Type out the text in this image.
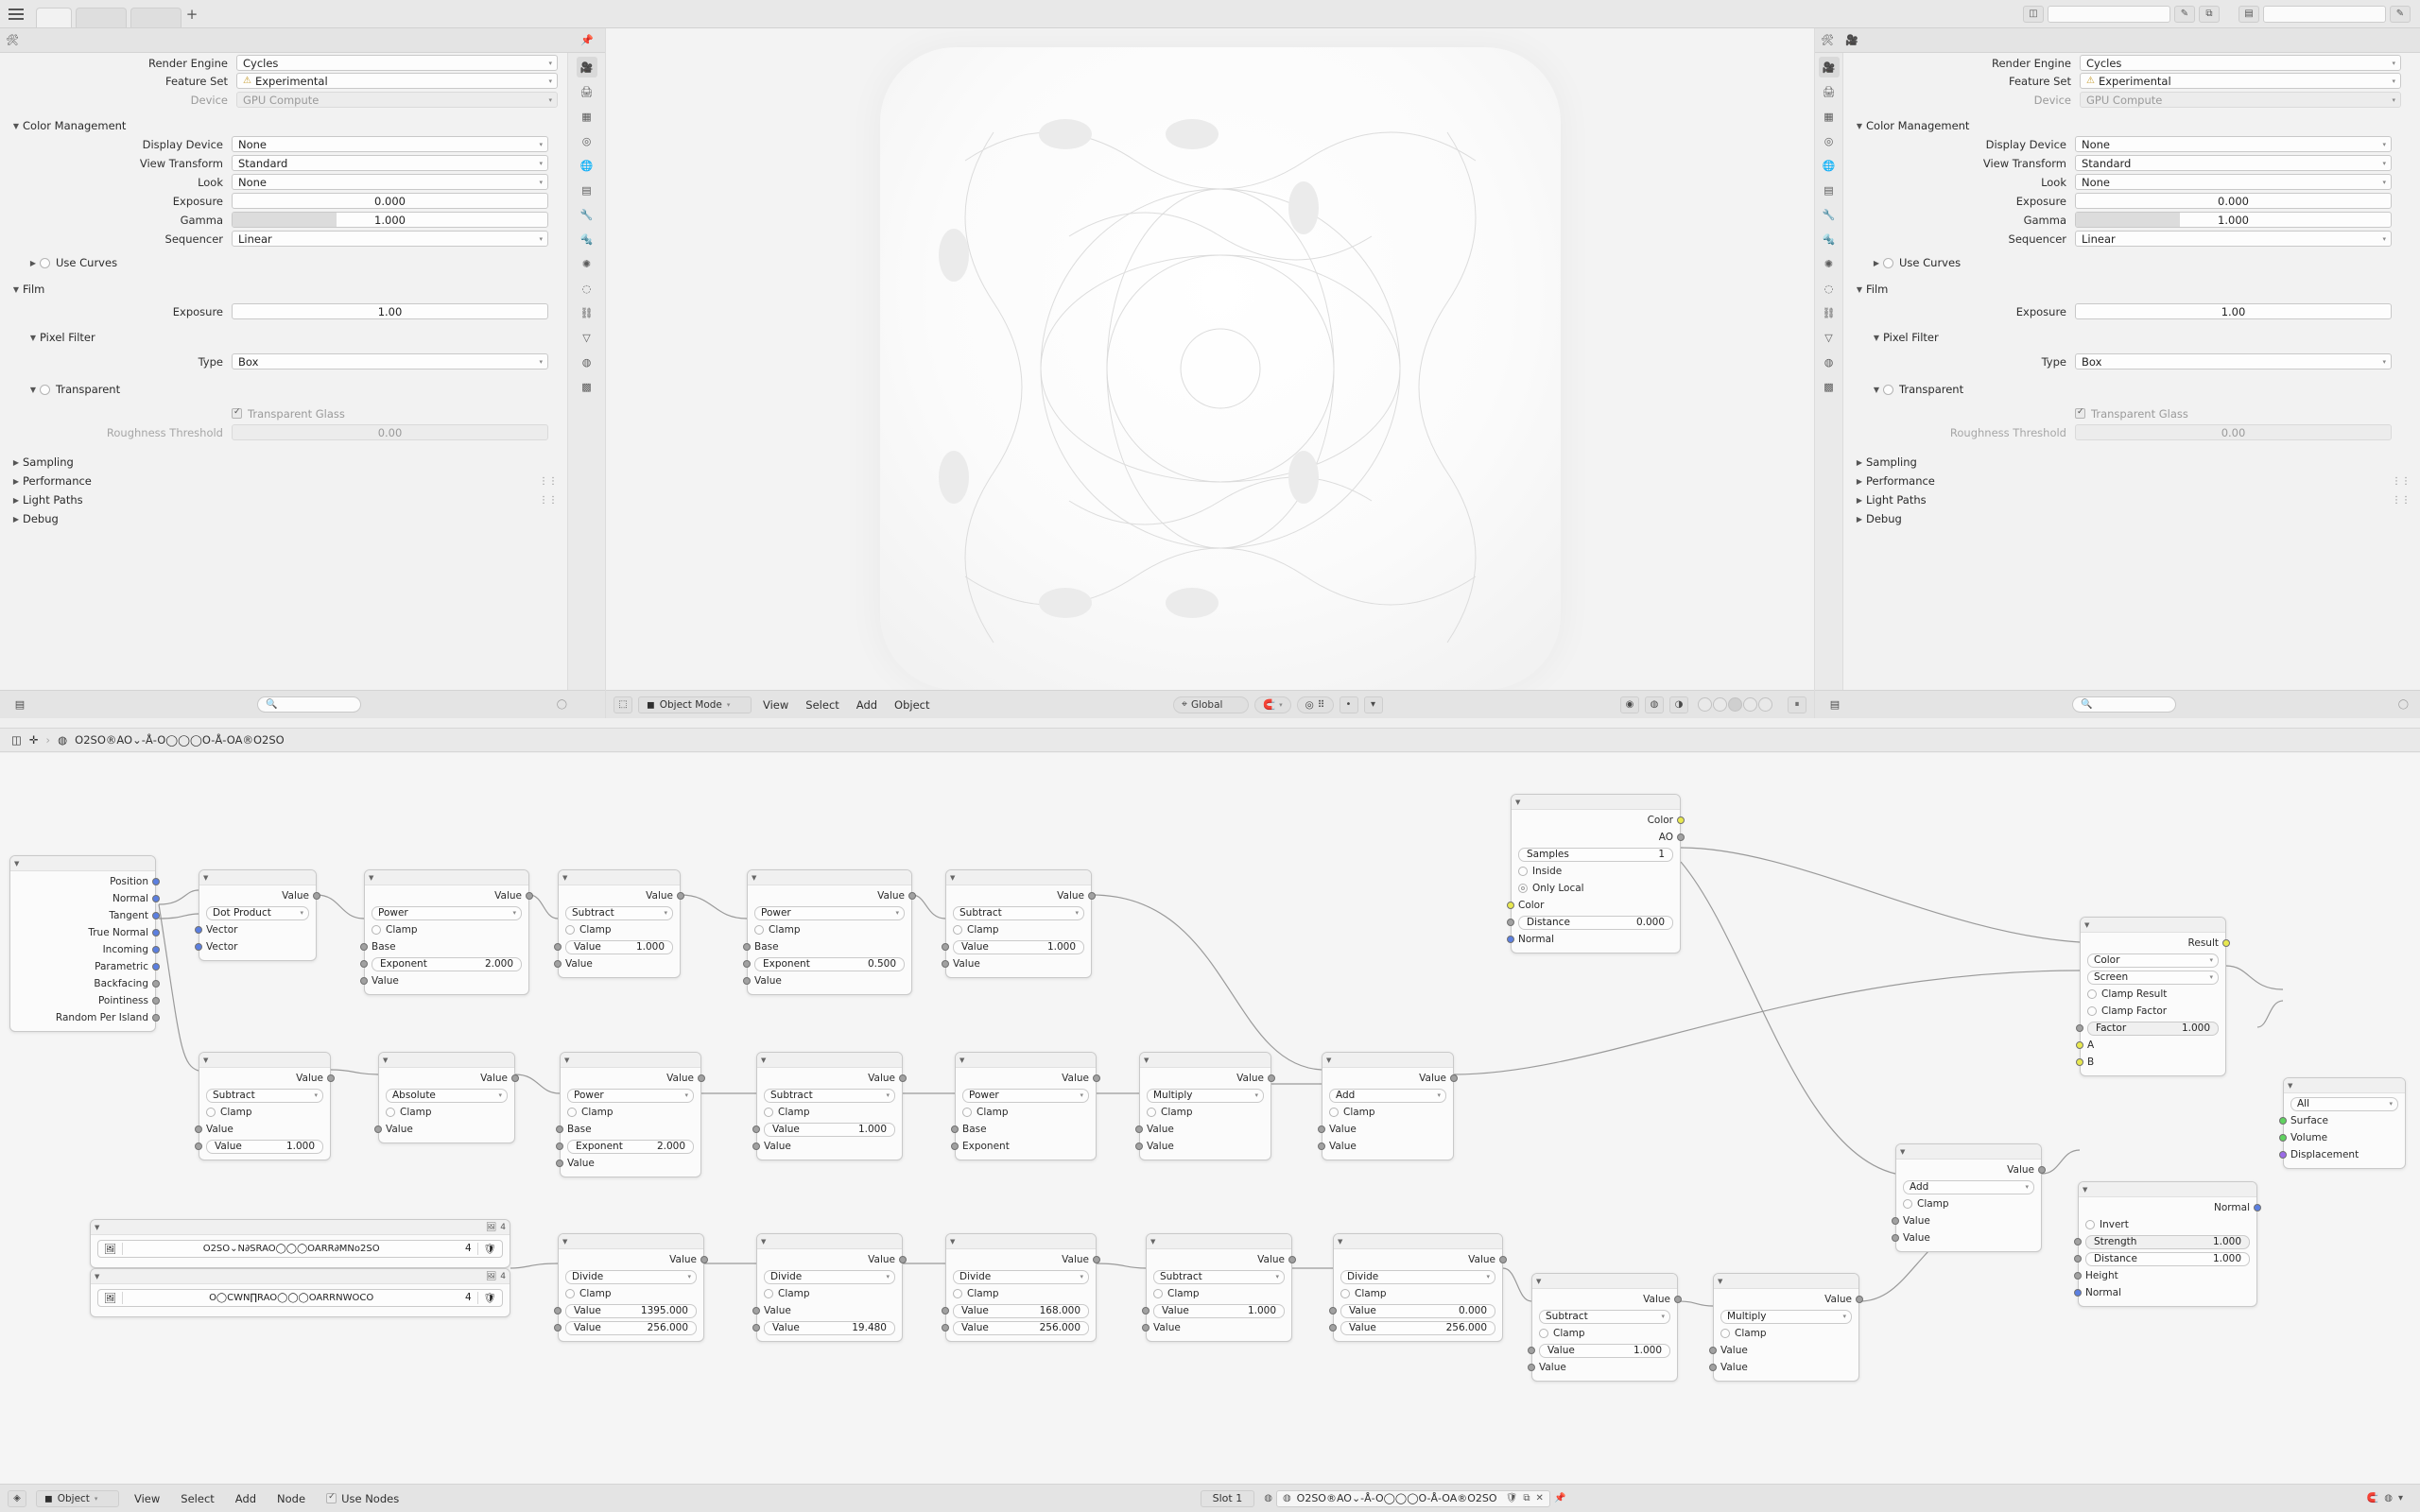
+	◫	✎	⧉	▤	✎
🛠	📌
🎥
🖨
▦
◎
🌐
▤
🔧
🔩
✺
◌
⛓
▽
◍
▩
Render Engine	Cycles	▾
Feature Set	⚠ Experimental	▾
Device	GPU Compute	▾
▼ Color Management
Display Device	None	▾
View Transform	Standard	▾
Look	None	▾
Exposure	0.000
Gamma	1.000
Sequencer	Linear	▾
▶	Use Curves
▼ Film
Exposure	1.00
▼ Pixel Filter
Type	Box	▾
▼	Transparent
✓
Transparent Glass
Roughness Threshold	0.00
▶ Sampling
▶ Performance	⋮⋮
▶ Light Paths	⋮⋮
▶ Debug
▤	🔍	◯	⬚	◼ Object Mode ▾	View	Select	Add	Object	⌖ Global	🧲 ▾ ◎ ⠿	•	▾	◉	◍	◑	⏸
🛠	🎥
🎥
🖨
▦
◎
🌐
▤
🔧
🔩
✺
◌
⛓
▽
◍
▩
Render Engine	Cycles	▾
Feature Set	⚠ Experimental	▾
Device	GPU Compute	▾
▼ Color Management
Display Device	None	▾
View Transform	Standard	▾
Look	None	▾
Exposure	0.000
Gamma	1.000
Sequencer	Linear	▾
▶	Use Curves
▼ Film
Exposure	1.00
▼ Pixel Filter
Type	Box	▾
▼	Transparent
✓
Transparent Glass
Roughness Threshold	0.00
▶ Sampling
▶ Performance	⋮⋮
▶ Light Paths	⋮⋮
▶ Debug
▤	🔍	◯
◫ ✛ › ◍ O2SO®AO⌄-Å-O◯◯◯O-Å-OA®O2SO
▼
Position
Normal
Tangent
True Normal
Incoming
Parametric
Backfacing
Pointiness
Random Per Island
▼
Value
Dot Product	▾
Vector
Vector
▼
Value
Power	▾
Clamp
Base
Exponent	2.000
Value
▼
Value
Subtract	▾
Clamp
Value	1.000
Value
▼
Value
Power	▾
Clamp
Base
Exponent	0.500
Value
▼
Value
Subtract	▾
Clamp
Value	1.000
Value
▼
Color
AO
Samples	1
Inside
Only Local
Color
Distance	0.000
Normal
▼
Value
Subtract	▾
Clamp
Value
Value	1.000
▼
Value
Absolute	▾
Clamp
Value
▼
Value
Power	▾
Clamp
Base
Exponent	2.000
Value
▼
Value
Subtract	▾
Clamp
Value	1.000
Value
▼
Value
Power	▾
Clamp
Base
Exponent
▼
Value
Multiply	▾
Clamp
Value
Value
▼
Value
Add	▾
Clamp
Value
Value
▼
Result
Color	▾
Screen	▾
Clamp Result
Clamp Factor
Factor	1.000
A
B
▼
Value
Add	▾
Clamp
Value
Value
▼
All	▾
Surface
Volume
Displacement
▼
Normal
Invert
Strength	1.000
Distance	1.000
Height
Normal
▼	🖼 4
🖼	O2SO⌄N∂SRAO◯◯◯OARR∂MNo2SO	4	🛡
▼	🖼 4
🖼	O◯CWN∏RAO◯◯◯OARRNWOCO	4	🛡
▼
Value
Divide	▾
Clamp
Value	1395.000
Value	256.000
▼
Value
Divide	▾
Clamp
Value
Value	19.480
▼
Value
Divide	▾
Clamp
Value	168.000
Value	256.000
▼
Value
Subtract	▾
Clamp
Value	1.000
Value
▼
Value
Divide	▾
Clamp
Value	0.000
Value	256.000
▼
Value
Subtract	▾
Clamp
Value	1.000
Value
▼
Value
Multiply	▾
Clamp
Value
Value
◈	◼ Object ▾	View	Select	Add	Node ✓	Use Nodes	Slot 1 ◍ ◍ O2SO®AO⌄-Å-O◯◯◯O-Å-OA®O2SO 🛡 ⧉ ✕ 📌	🧲 ◍ ▾
